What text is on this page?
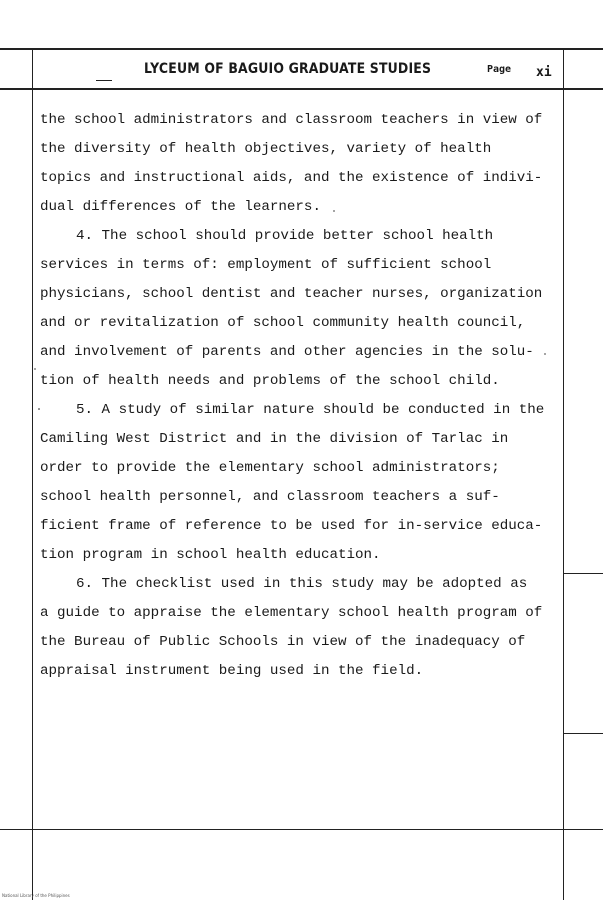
LYCEUM OF BAGUIO GRADUATE STUDIES	Page xi
the school administrators and classroom teachers in view of
the diversity of health objectives, variety of health
topics and instructional aids, and the existence of indivi-
dual differences of the learners.
4. The school should provide better school health
services in terms of: employment of sufficient school
physicians, school dentist and teacher nurses, organization
and or revitalization of school community health council,
and involvement of parents and other agencies in the solu-
tion of health needs and problems of the school child.
5. A study of similar nature should be conducted in the
Camiling West District and in the division of Tarlac in
order to provide the elementary school administrators;
school health personnel, and classroom teachers a suf-
ficient frame of reference to be used for in-service educa-
tion program in school health education.
6. The checklist used in this study may be adopted as
a guide to appraise the elementary school health program of
the Bureau of Public Schools in view of the inadequacy of
appraisal instrument being used in the field.
National Library of the Philippines
